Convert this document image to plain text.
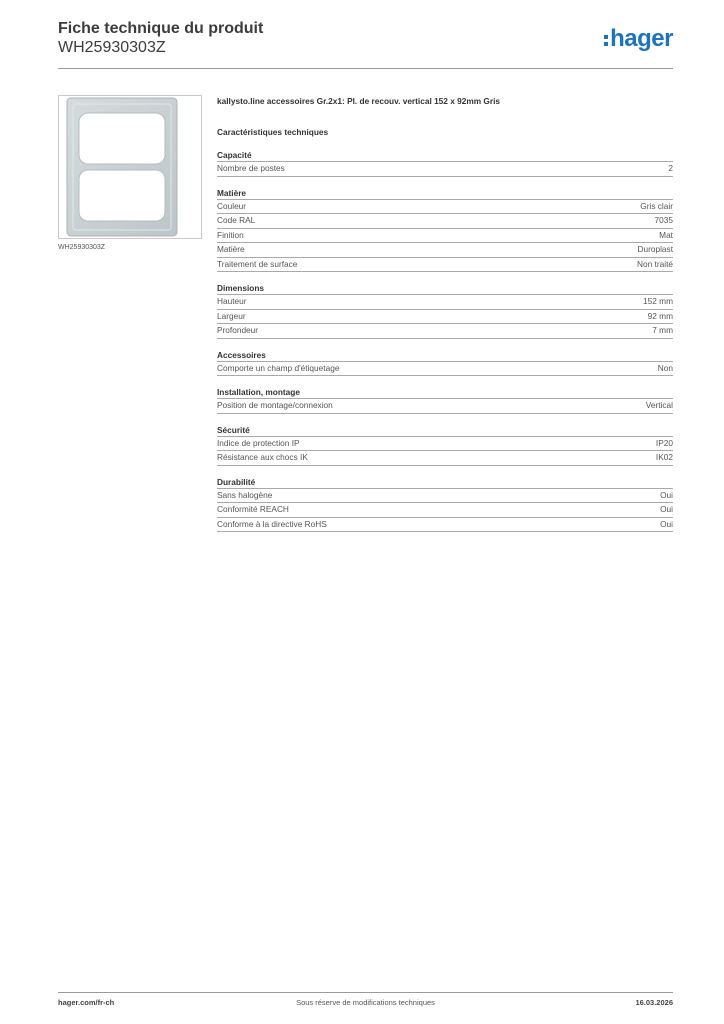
Fiche technique du produit
WH25930303Z	hager
WH25930303Z
kallysto.line accessoires Gr.2x1: Pl. de recouv. vertical 152 x 92mm Gris
Caractéristiques techniques
Capacité
Nombre de postes	2
Matière
Couleur	Gris clair
Code RAL	7035
Finition	Mat
Matière	Duroplast
Traitement de surface	Non traité
Dimensions
Hauteur	152 mm
Largeur	92 mm
Profondeur	7 mm
Accessoires
Comporte un champ d'étiquetage	Non
Installation, montage
Position de montage/connexion	Vertical
Sécurité
Indice de protection IP	IP20
Résistance aux chocs IK	IK02
Durabilité
Sans halogène	Oui
Conformité REACH	Oui
Conforme à la directive RoHS	Oui
hager.com/fr-ch	Sous réserve de modifications techniques	16.03.2026
